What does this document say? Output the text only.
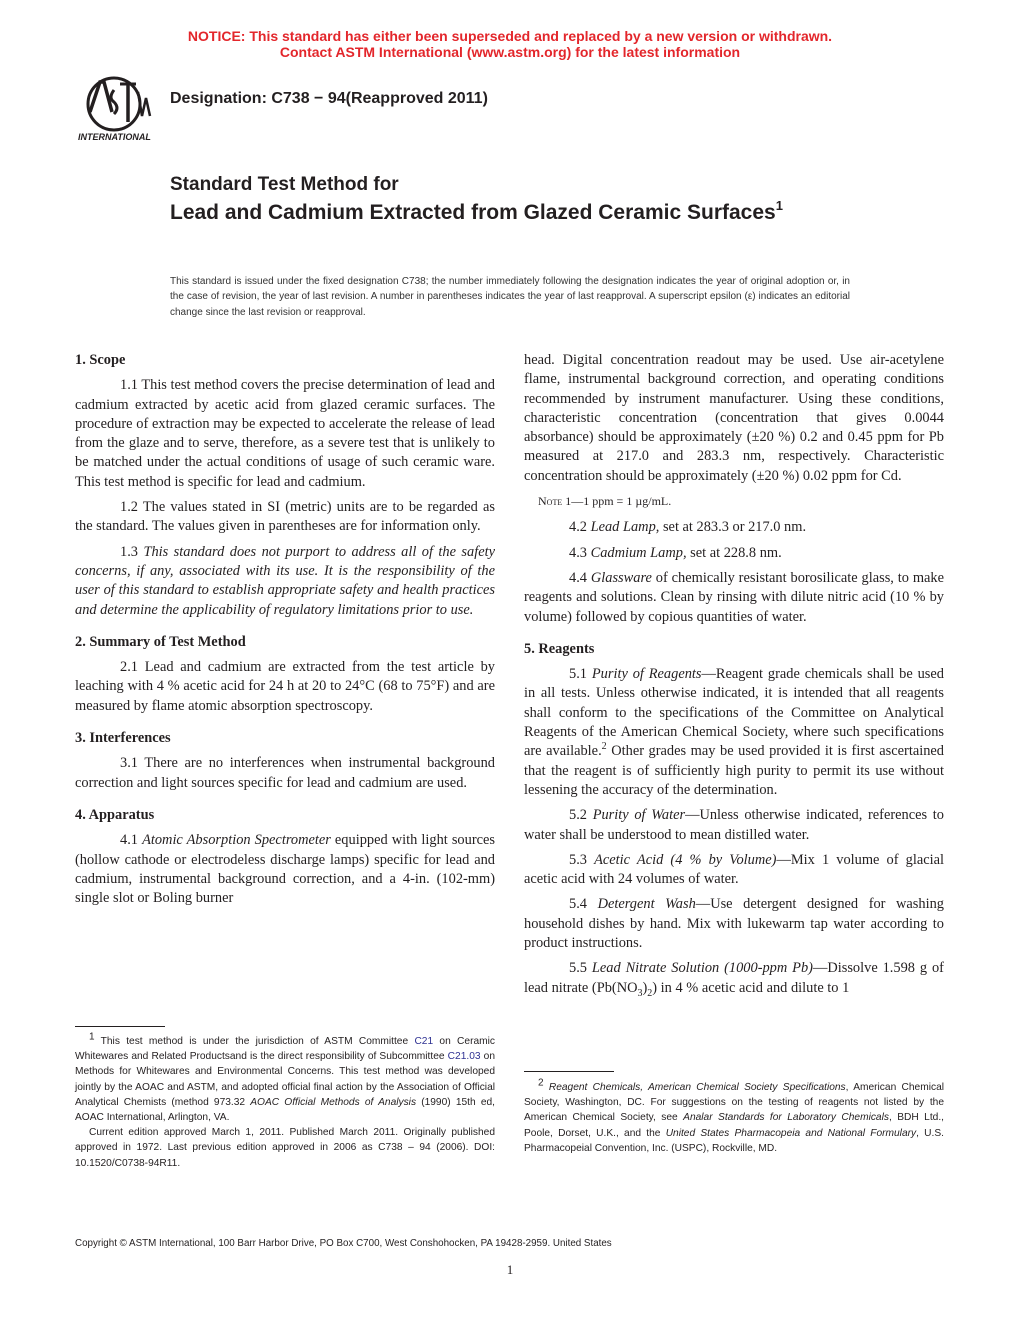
NOTICE: This standard has either been superseded and replaced by a new version or withdrawn.
Contact ASTM International (www.astm.org) for the latest information
INTERNATIONAL
Designation: C738 − 94(Reapproved 2011)
Standard Test Method for
Lead and Cadmium Extracted from Glazed Ceramic Surfaces$^1$
This standard is issued under the fixed designation C738; the number immediately following the designation indicates the year of original adoption or, in the case of revision, the year of last revision. A number in parentheses indicates the year of last reapproval. A superscript epsilon (ε) indicates an editorial change since the last revision or reapproval.
1. Scope

1.1 This test method covers the precise determination of lead and cadmium extracted by acetic acid from glazed ceramic surfaces. The procedure of extraction may be expected to accelerate the release of lead from the glaze and to serve, therefore, as a severe test that is unlikely to be matched under the actual conditions of usage of such ceramic ware. This test method is specific for lead and cadmium.

1.2 The values stated in SI (metric) units are to be regarded as the standard. The values given in parentheses are for information only.

1.3 This standard does not purport to address all of the safety concerns, if any, associated with its use. It is the responsibility of the user of this standard to establish appropriate safety and health practices and determine the applicability of regulatory limitations prior to use.

2. Summary of Test Method

2.1 Lead and cadmium are extracted from the test article by leaching with 4 % acetic acid for 24 h at 20 to 24°C (68 to 75°F) and are measured by flame atomic absorption spectroscopy.

3. Interferences

3.1 There are no interferences when instrumental background correction and light sources specific for lead and cadmium are used.

4. Apparatus

4.1 Atomic Absorption Spectrometer equipped with light sources (hollow cathode or electrodeless discharge lamps) specific for lead and cadmium, instrumental background correction, and a 4-in. (102-mm) single slot or Boling burner

head. Digital concentration readout may be used. Use air-acetylene flame, instrumental background correction, and operating conditions recommended by instrument manufacturer. Using these conditions, characteristic concentration (concentration that gives 0.0044 absorbance) should be approximately (±20 %) 0.2 and 0.45 ppm for Pb measured at 217.0 and 283.3 nm, respectively. Characteristic concentration should be approximately (±20 %) 0.02 ppm for Cd.

Note 1—1 ppm = 1 µg/mL.

4.2 Lead Lamp, set at 283.3 or 217.0 nm.

4.3 Cadmium Lamp, set at 228.8 nm.

4.4 Glassware of chemically resistant borosilicate glass, to make reagents and solutions. Clean by rinsing with dilute nitric acid (10 % by volume) followed by copious quantities of water.

5. Reagents

5.1 Purity of Reagents—Reagent grade chemicals shall be used in all tests. Unless otherwise indicated, it is intended that all reagents shall conform to the specifications of the Committee on Analytical Reagents of the American Chemical Society, where such specifications are available.$^2$ Other grades may be used provided it is first ascertained that the reagent is of sufficiently high purity to permit its use without lessening the accuracy of the determination.

5.2 Purity of Water—Unless otherwise indicated, references to water shall be understood to mean distilled water.

5.3 Acetic Acid (4 % by Volume)—Mix 1 volume of glacial acetic acid with 24 volumes of water.

5.4 Detergent Wash—Use detergent designed for washing household dishes by hand. Mix with lukewarm tap water according to product instructions.

5.5 Lead Nitrate Solution (1000-ppm Pb)—Dissolve 1.598 g of lead nitrate $(Pb(NO_3)_2)$ in 4 % acetic acid and dilute to 1

$^1$ This test method is under the jurisdiction of ASTM Committee C21 on Ceramic Whitewares and Related Productsand is the direct responsibility of Subcommittee C21.03 on Methods for Whitewares and Environmental Concerns. This test method was developed jointly by the AOAC and ASTM, and adopted official final action by the Association of Official Analytical Chemists (method 973.32 AOAC Official Methods of Analysis (1990) 15th ed, AOAC International, Arlington, VA.

Current edition approved March 1, 2011. Published March 2011. Originally published approved in 1972. Last previous edition approved in 2006 as C738 – 94 (2006). DOI: 10.1520/C0738-94R11.

$^2$ Reagent Chemicals, American Chemical Society Specifications, American Chemical Society, Washington, DC. For suggestions on the testing of reagents not listed by the American Chemical Society, see Analar Standards for Laboratory Chemicals, BDH Ltd., Poole, Dorset, U.K., and the United States Pharmacopeia and National Formulary, U.S. Pharmacopeial Convention, Inc. (USPC), Rockville, MD.

Copyright © ASTM International, 100 Barr Harbor Drive, PO Box C700, West Conshohocken, PA 19428-2959. United States
1
